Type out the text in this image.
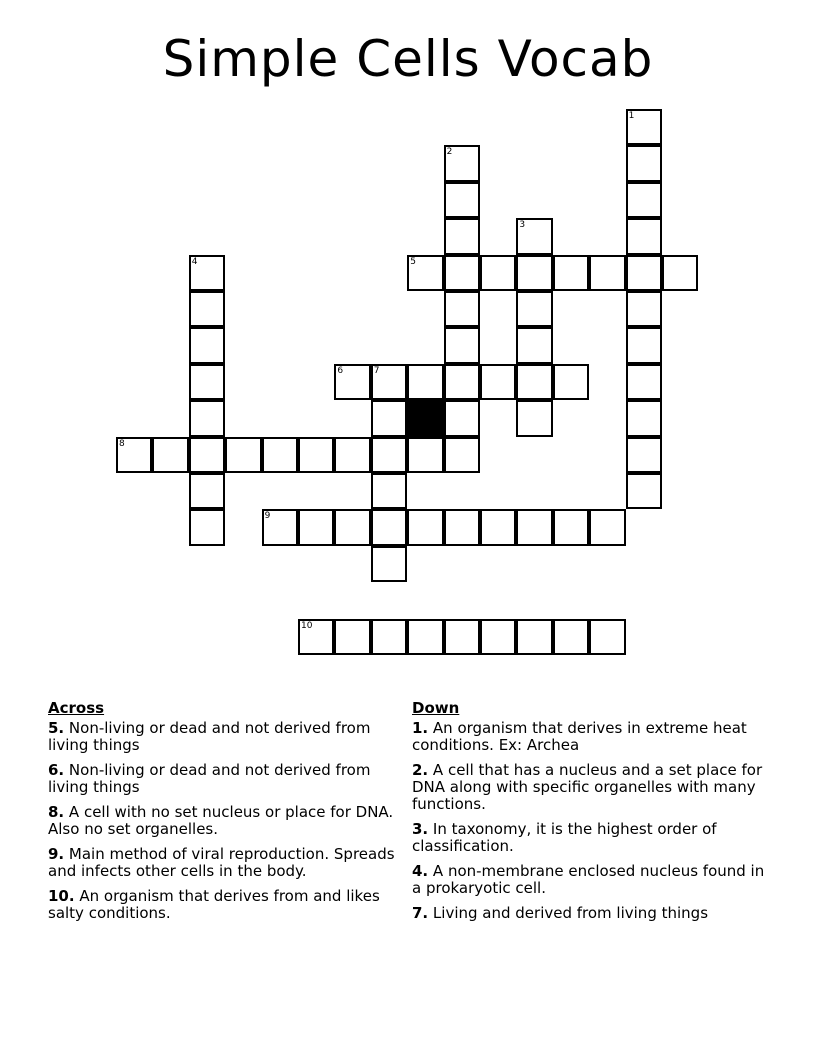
Simple Cells Vocab
1
2
3
4	5
6	7
8
9
10
Across
5. Non-living or dead and not derived from living things
6. Non-living or dead and not derived from living things
8. A cell with no set nucleus or place for DNA. Also no set organelles.
9. Main method of viral reproduction. Spreads and infects other cells in the body.
10. An organism that derives from and likes salty conditions.
Down
1. An organism that derives in extreme heat conditions. Ex: Archea
2. A cell that has a nucleus and a set place for DNA along with specific organelles with many functions.
3. In taxonomy, it is the highest order of classification.
4. A non-membrane enclosed nucleus found in a prokaryotic cell.
7. Living and derived from living things
